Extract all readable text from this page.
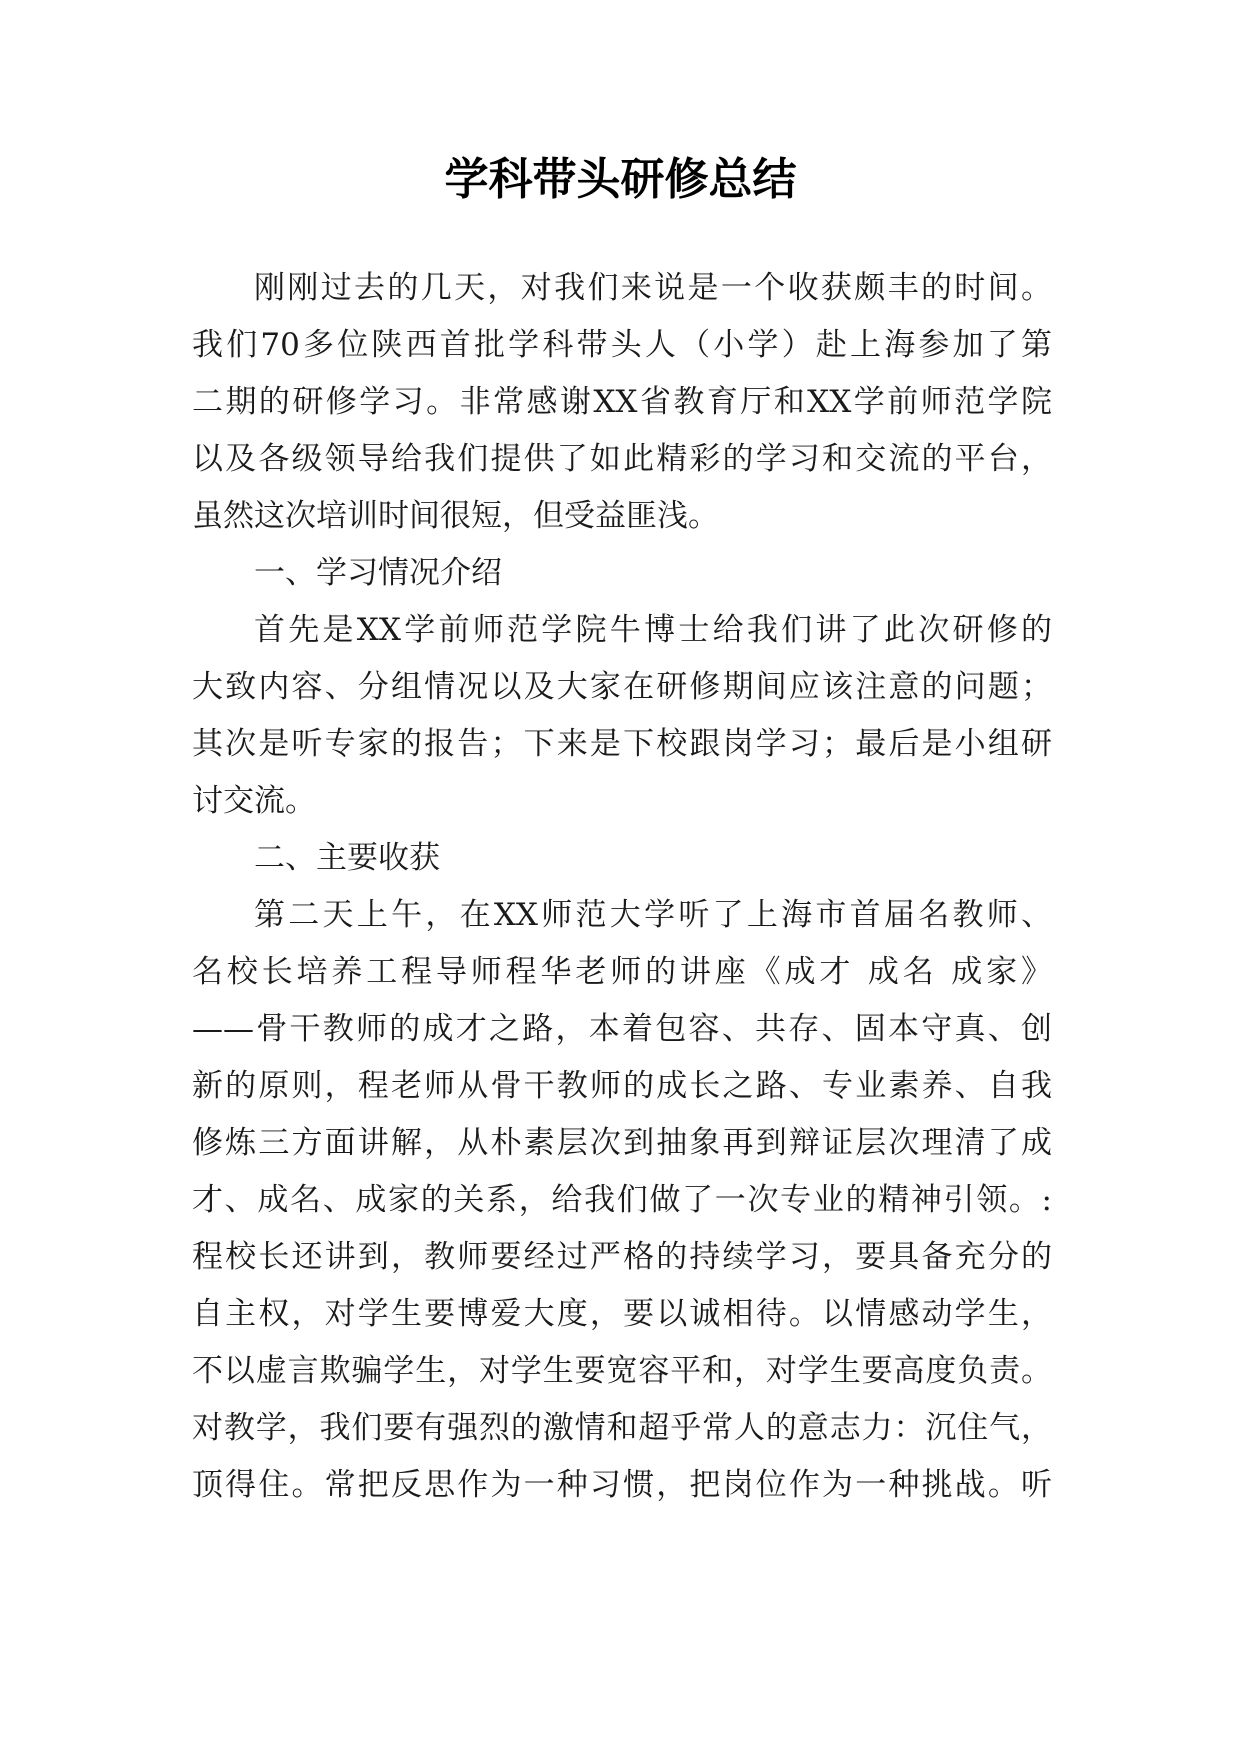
学科带头研修总结
刚刚过去的几天，对我们来说是一个收获颇丰的时间。
我们70多位陕西首批学科带头人（小学）赴上海参加了第
二期的研修学习。非常感谢XX省教育厅和XX学前师范学院
以及各级领导给我们提供了如此精彩的学习和交流的平台，
虽然这次培训时间很短，但受益匪浅。
一、学习情况介绍
首先是XX学前师范学院牛博士给我们讲了此次研修的
大致内容、分组情况以及大家在研修期间应该注意的问题；
其次是听专家的报告；下来是下校跟岗学习；最后是小组研
讨交流。
二、主要收获
第二天上午，在XX师范大学听了上海市首届名教师、
名校长培养工程导师程华老师的讲座《成才 成名 成家》
——骨干教师的成才之路，本着包容、共存、固本守真、创
新的原则，程老师从骨干教师的成长之路、专业素养、自我
修炼三方面讲解，从朴素层次到抽象再到辩证层次理清了成
才、成名、成家的关系，给我们做了一次专业的精神引领。:
程校长还讲到，教师要经过严格的持续学习，要具备充分的
自主权，对学生要博爱大度，要以诚相待。以情感动学生，
不以虚言欺骗学生，对学生要宽容平和，对学生要高度负责。
对教学，我们要有强烈的激情和超乎常人的意志力：沉住气，
顶得住。常把反思作为一种习惯，把岗位作为一种挑战。听
